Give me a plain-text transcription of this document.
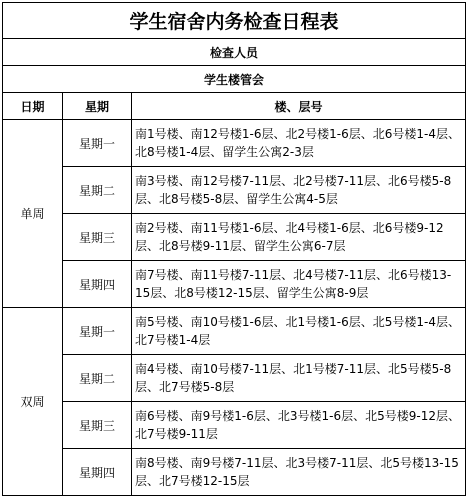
学生宿舍内务检查日程表		
检查人员		
学生楼管会		
日期	星期	楼、层号
单周	星期一	南1号楼、南12号楼1-6层、北2号楼1-6层、北6号楼1-4层、北8号楼1-4层、留学生公寓2-3层

	星期二	南3号楼、南12号楼7-11层、北2号楼7-11层、北6号楼5-8层、北8号楼5-8层、留学生公寓4-5层

	星期三	南2号楼、南11号楼1-6层、北4号楼1-6层、北6号楼9-12层、北8号楼9-11层、留学生公寓6-7层

	星期四	南7号楼、南11号楼7-11层、北4号楼7-11层、北6号楼13-15层、北8号楼12-15层、留学生公寓8-9层

双周	星期一	南5号楼、南10号楼1-6层、北1号楼1-6层、北5号楼1-4层、北7号楼1-4层

	星期二	南4号楼、南10号楼7-11层、北1号楼7-11层、北5号楼5-8层、北7号楼5-8层

	星期三	南6号楼、南9号楼1-6层、北3号楼1-6层、北5号楼9-12层、北7号楼9-11层

	星期四	南8号楼、南9号楼7-11层、北3号楼7-11层、北5号楼13-15层、北7号楼12-15层
